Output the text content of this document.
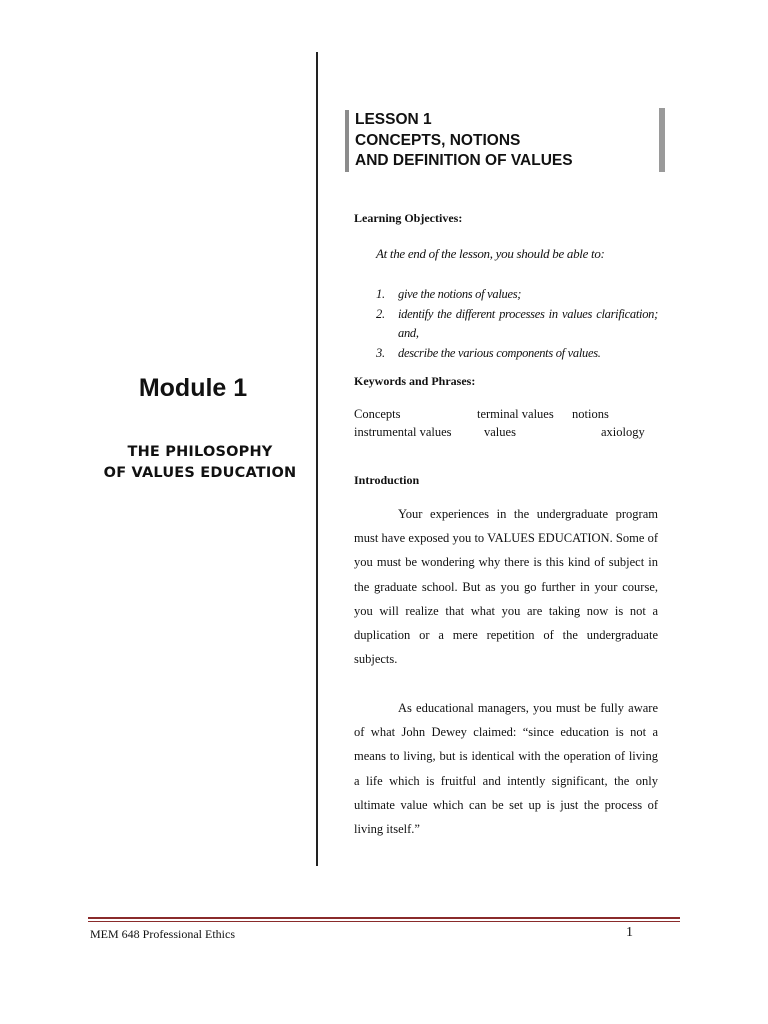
Module 1
THE PHILOSOPHY
OF VALUES EDUCATION
LESSON 1
CONCEPTS, NOTIONS
AND DEFINITION OF VALUES
Learning Objectives:
At the end of the lesson, you should be able to:
1.	give the notions of values;
2.	identify the different processes in values clarification; and,
3.	describe the various components of values.
Keywords and Phrases:
Concepts	terminal values notions
instrumental values	values	axiology
Introduction
Your experiences in the undergraduate program must have exposed you to VALUES EDUCATION. Some of you must be wondering why there is this kind of subject in the graduate school. But as you go further in your course, you will realize that what you are taking now is not a duplication or a mere repetition of the undergraduate subjects.
As educational managers, you must be fully aware of what John Dewey claimed: “since education is not a means to living, but is identical with the operation of living a life which is fruitful and intently significant, the only ultimate value which can be set up is just the process of living itself.”
MEM 648 Professional Ethics	1
